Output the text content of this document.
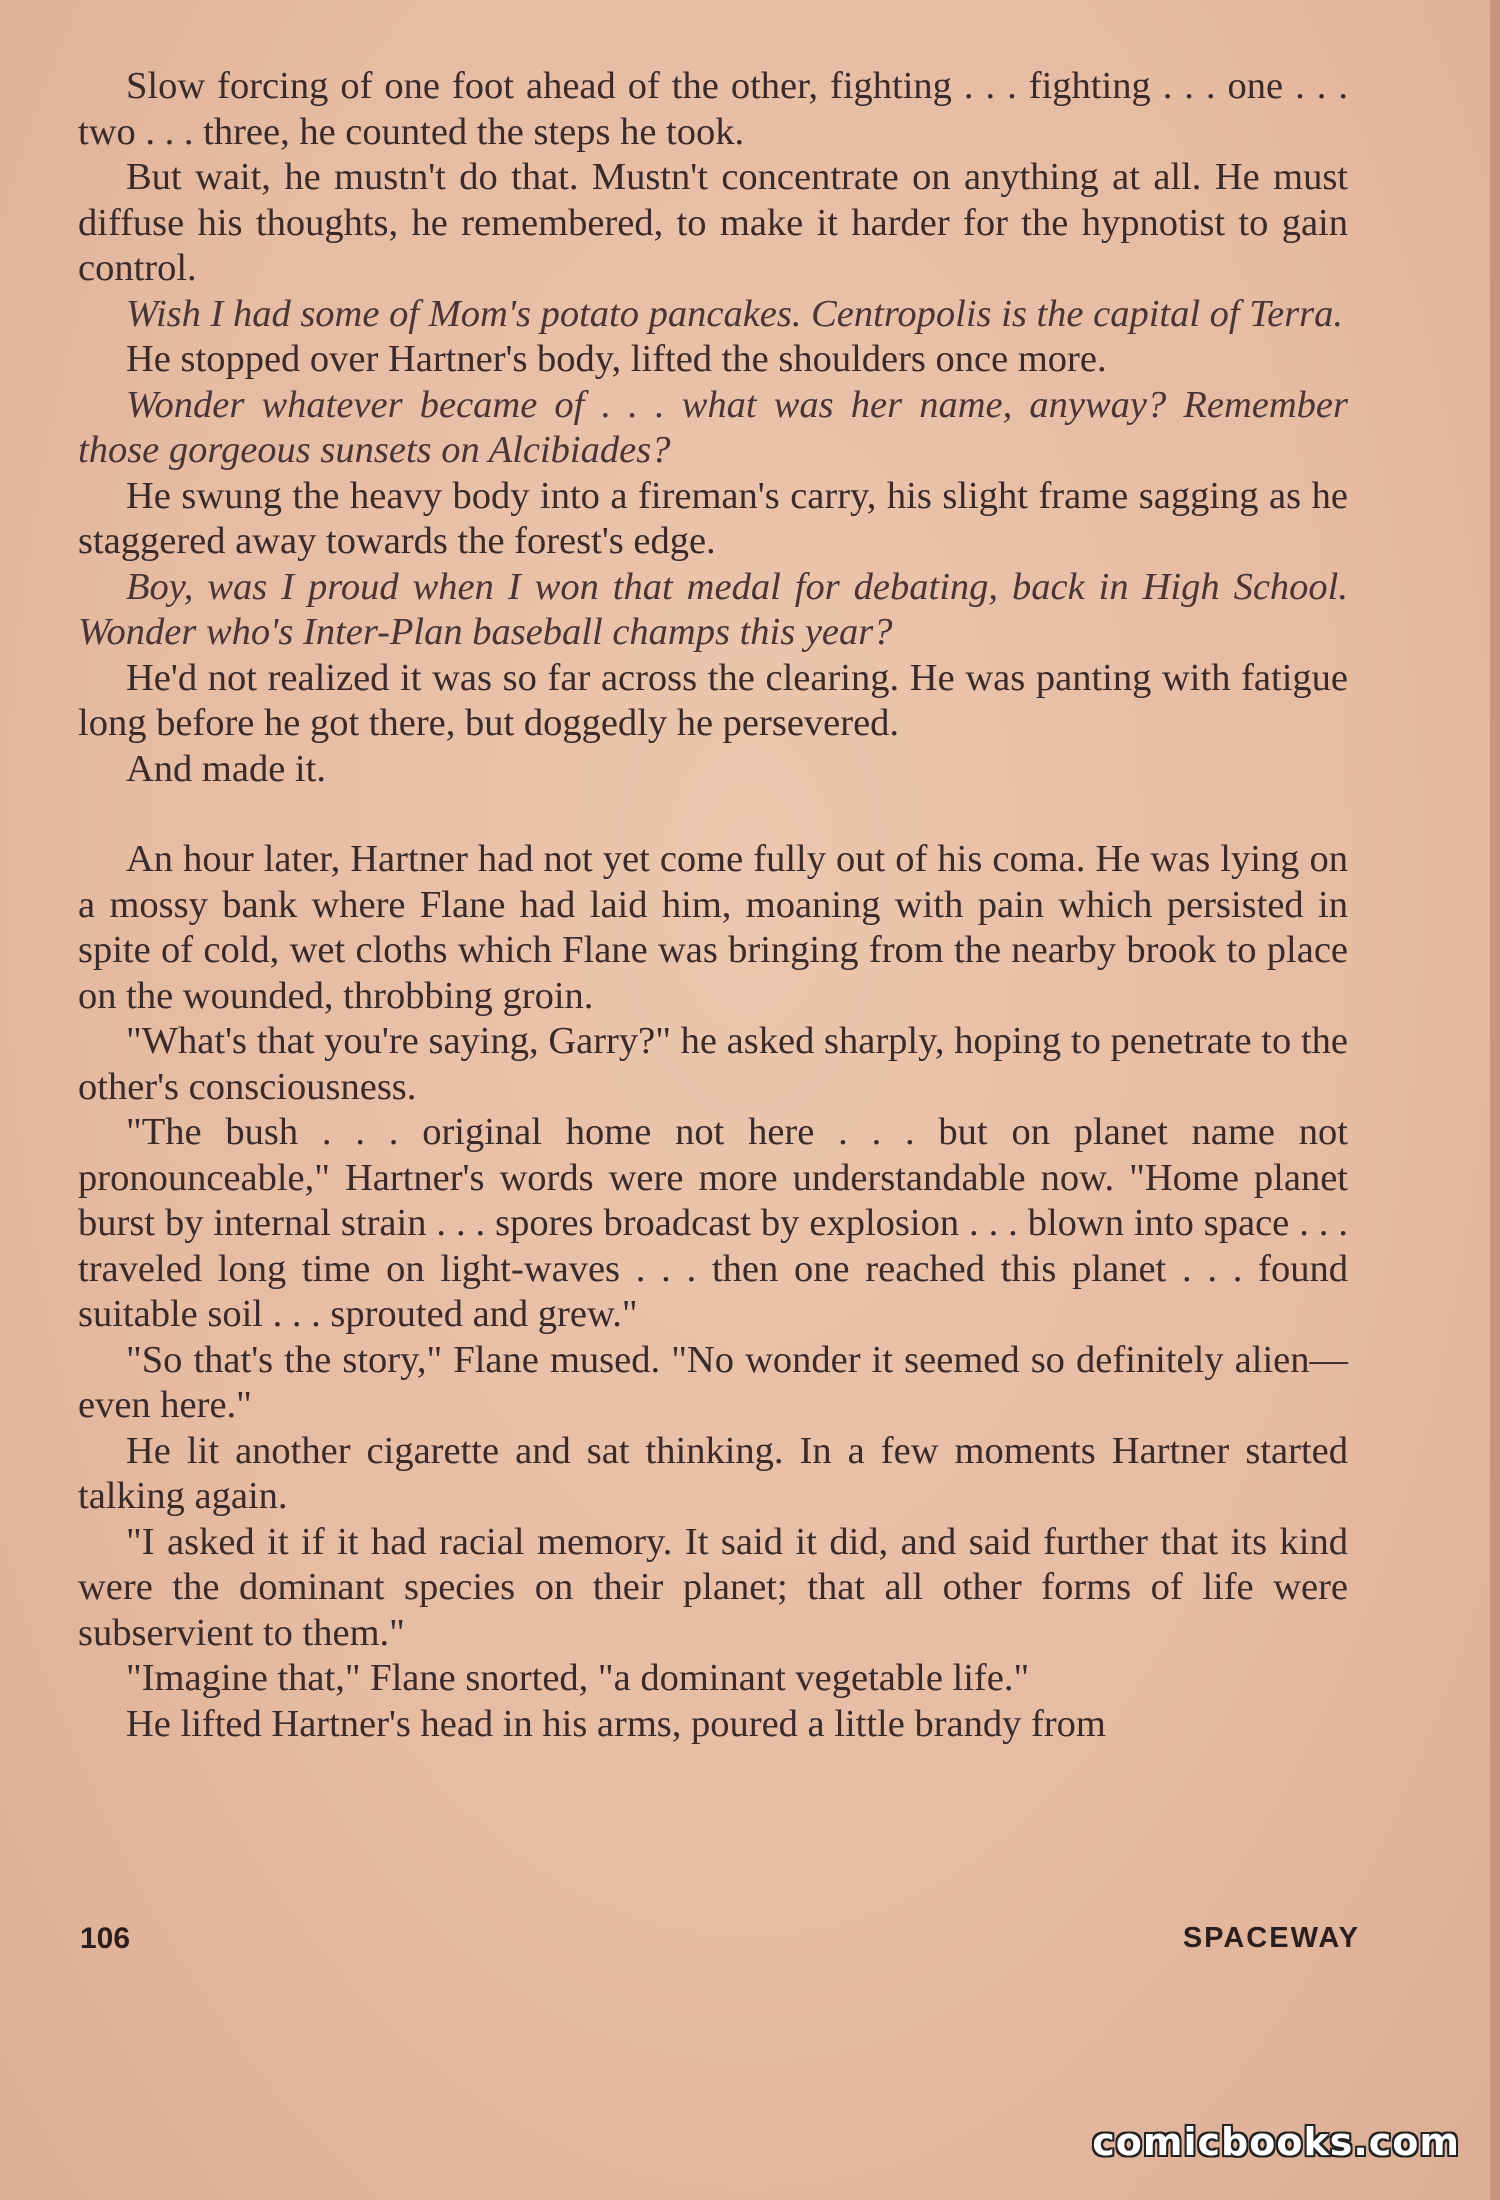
Slow forcing of one foot ahead of the other, fighting . . . fighting . . . one . . . two . . . three, he counted the steps he took.

But wait, he mustn't do that. Mustn't concentrate on anything at all. He must diffuse his thoughts, he remembered, to make it harder for the hypnotist to gain control.

Wish I had some of Mom's potato pancakes. Centropolis is the capital of Terra.

He stopped over Hartner's body, lifted the shoulders once more.

Wonder whatever became of . . . what was her name, anyway? Remember those gorgeous sunsets on Alcibiades?

He swung the heavy body into a fireman's carry, his slight frame sagging as he staggered away towards the forest's edge.

Boy, was I proud when I won that medal for debating, back in High School. Wonder who's Inter-Plan baseball champs this year?

He'd not realized it was so far across the clearing. He was panting with fatigue long before he got there, but doggedly he persevered.

And made it.

An hour later, Hartner had not yet come fully out of his coma. He was lying on a mossy bank where Flane had laid him, moaning with pain which persisted in spite of cold, wet cloths which Flane was bringing from the nearby brook to place on the wounded, throbbing groin.

"What's that you're saying, Garry?" he asked sharply, hoping to penetrate to the other's consciousness.

"The bush . . . original home not here . . . but on planet name not pronounceable," Hartner's words were more understandable now. "Home planet burst by internal strain . . . spores broadcast by explosion . . . blown into space . . . traveled long time on light-waves . . . then one reached this planet . . . found suitable soil . . . sprouted and grew."

"So that's the story," Flane mused. "No wonder it seemed so definitely alien—even here."

He lit another cigarette and sat thinking. In a few moments Hartner started talking again.

"I asked it if it had racial memory. It said it did, and said further that its kind were the dominant species on their planet; that all other forms of life were subservient to them."

"Imagine that," Flane snorted, "a dominant vegetable life."

He lifted Hartner's head in his arms, poured a little brandy from

106	SPACEWAY
comicbooks.com
